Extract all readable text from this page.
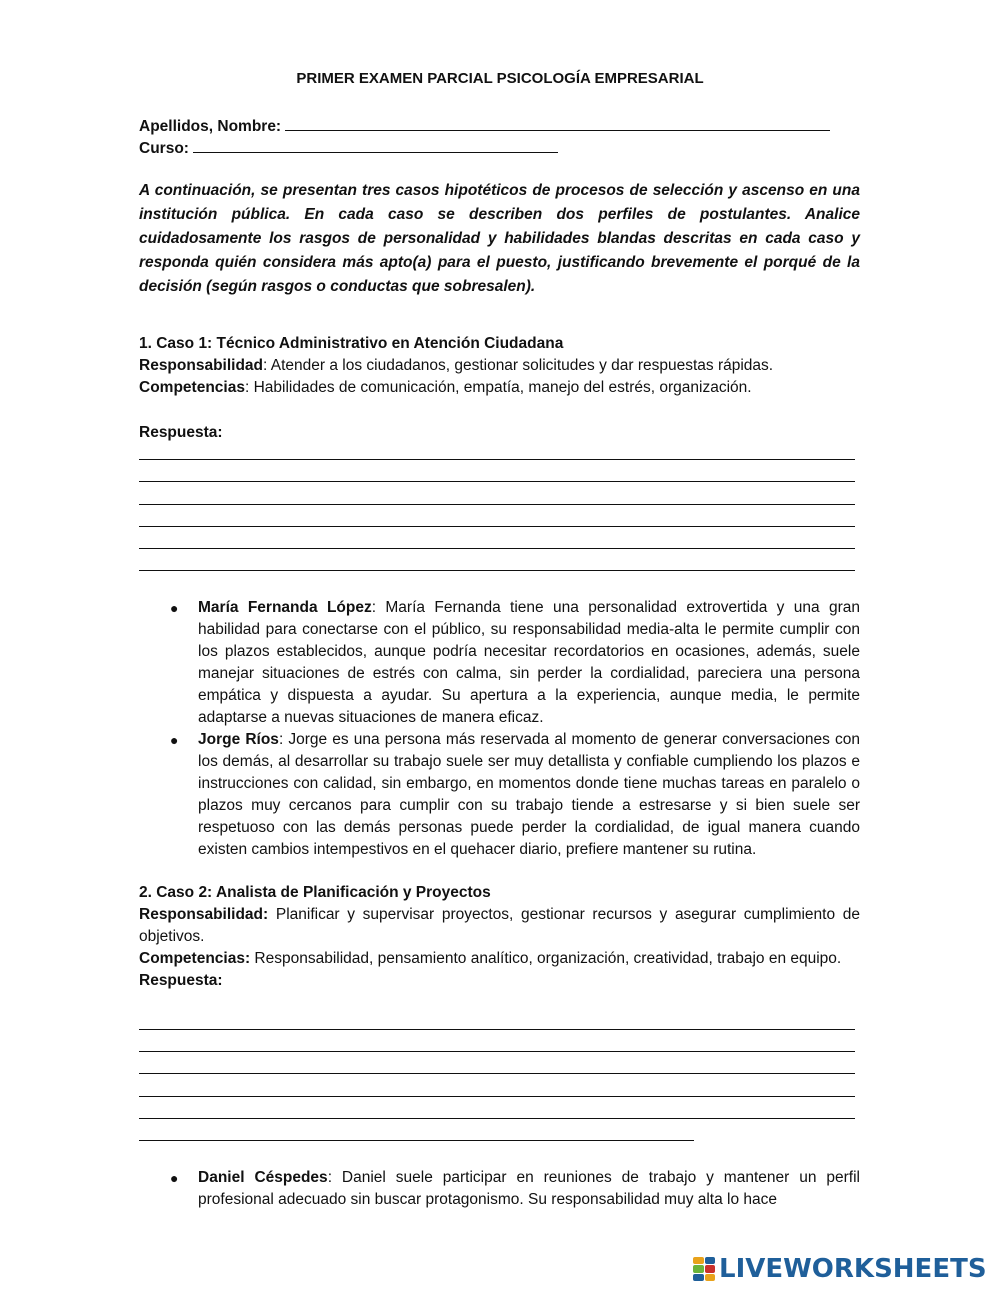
PRIMER EXAMEN PARCIAL PSICOLOGÍA EMPRESARIAL
Apellidos, Nombre:
Curso:
A continuación, se presentan tres casos hipotéticos de procesos de selección y ascenso en una institución pública. En cada caso se describen dos perfiles de postulantes. Analice cuidadosamente los rasgos de personalidad y habilidades blandas descritas en cada caso y responda quién considera más apto(a) para el puesto, justificando brevemente el porqué de la decisión (según rasgos o conductas que sobresalen).
1. Caso 1: Técnico Administrativo en Atención Ciudadana
Responsabilidad: Atender a los ciudadanos, gestionar solicitudes y dar respuestas rápidas.
Competencias: Habilidades de comunicación, empatía, manejo del estrés, organización.
Respuesta:
● María Fernanda López: María Fernanda tiene una personalidad extrovertida y una gran habilidad para conectarse con el público, su responsabilidad media-alta le permite cumplir con los plazos establecidos, aunque podría necesitar recordatorios en ocasiones, además, suele manejar situaciones de estrés con calma, sin perder la cordialidad, pareciera una persona empática y dispuesta a ayudar. Su apertura a la experiencia, aunque media, le permite adaptarse a nuevas situaciones de manera eficaz.
● Jorge Ríos: Jorge es una persona más reservada al momento de generar conversaciones con los demás, al desarrollar su trabajo suele ser muy detallista y confiable cumpliendo los plazos e instrucciones con calidad, sin embargo, en momentos donde tiene muchas tareas en paralelo o plazos muy cercanos para cumplir con su trabajo tiende a estresarse y si bien suele ser respetuoso con las demás personas puede perder la cordialidad, de igual manera cuando existen cambios intempestivos en el quehacer diario, prefiere mantener su rutina.
2. Caso 2: Analista de Planificación y Proyectos
Responsabilidad: Planificar y supervisar proyectos, gestionar recursos y asegurar cumplimiento de objetivos.
Competencias: Responsabilidad, pensamiento analítico, organización, creatividad, trabajo en equipo.
Respuesta:
● Daniel Céspedes: Daniel suele participar en reuniones de trabajo y mantener un perfil profesional adecuado sin buscar protagonismo. Su responsabilidad muy alta lo hace
LIVEWORKSHEETS
